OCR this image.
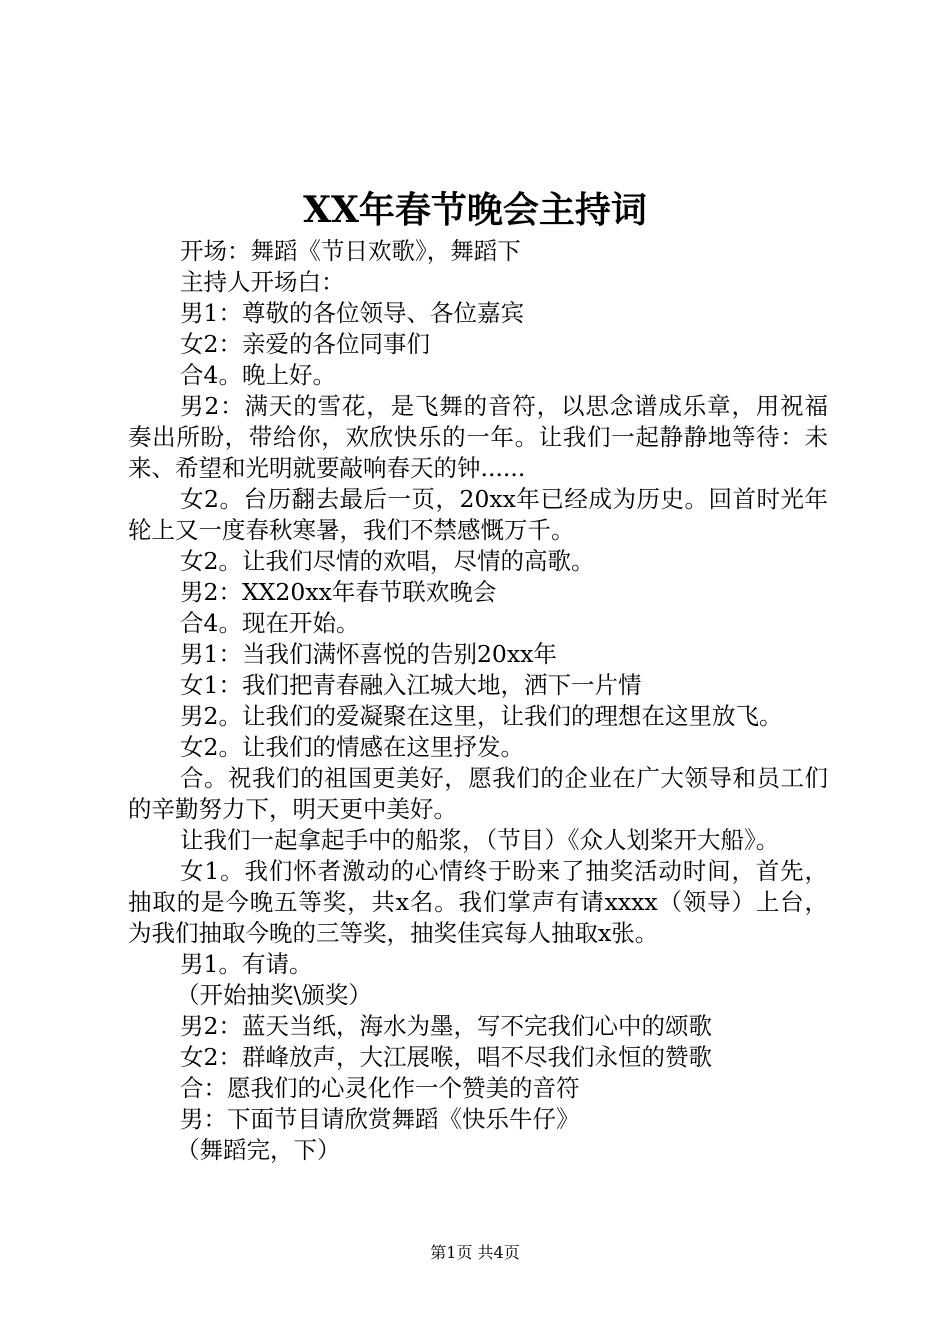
XX年春节晚会主持词

开场：舞蹈《节日欢歌》，舞蹈下

主持人开场白：

男1：尊敬的各位领导、各位嘉宾

女2：亲爱的各位同事们

合4。晚上好。

男2：满天的雪花，是飞舞的音符，以思念谱成乐章，用祝福奏出所盼，带给你，欢欣快乐的一年。让我们一起静静地等待：未来、希望和光明就要敲响春天的钟......

女2。台历翻去最后一页，20xx年已经成为历史。回首时光年轮上又一度春秋寒暑，我们不禁感慨万千。

女2。让我们尽情的欢唱，尽情的高歌。

男2：XX20xx年春节联欢晚会

合4。现在开始。

男1：当我们满怀喜悦的告别20xx年

女1：我们把青春融入江城大地，洒下一片情

男2。让我们的爱凝聚在这里，让我们的理想在这里放飞。

女2。让我们的情感在这里抒发。

合。祝我们的祖国更美好，愿我们的企业在广大领导和员工们的辛勤努力下，明天更中美好。

让我们一起拿起手中的船浆，（节目）《众人划桨开大船》。

女1。我们怀者激动的心情终于盼来了抽奖活动时间，首先，抽取的是今晚五等奖，共x名。我们掌声有请xxxx（领导）上台，为我们抽取今晚的三等奖，抽奖佳宾每人抽取x张。

男1。有请。

（开始抽奖\颁奖）

男2：蓝天当纸，海水为墨，写不完我们心中的颂歌

女2：群峰放声，大江展喉，唱不尽我们永恒的赞歌

合：愿我们的心灵化作一个赞美的音符

男：下面节目请欣赏舞蹈《快乐牛仔》

（舞蹈完，下）

第1页 共4页
